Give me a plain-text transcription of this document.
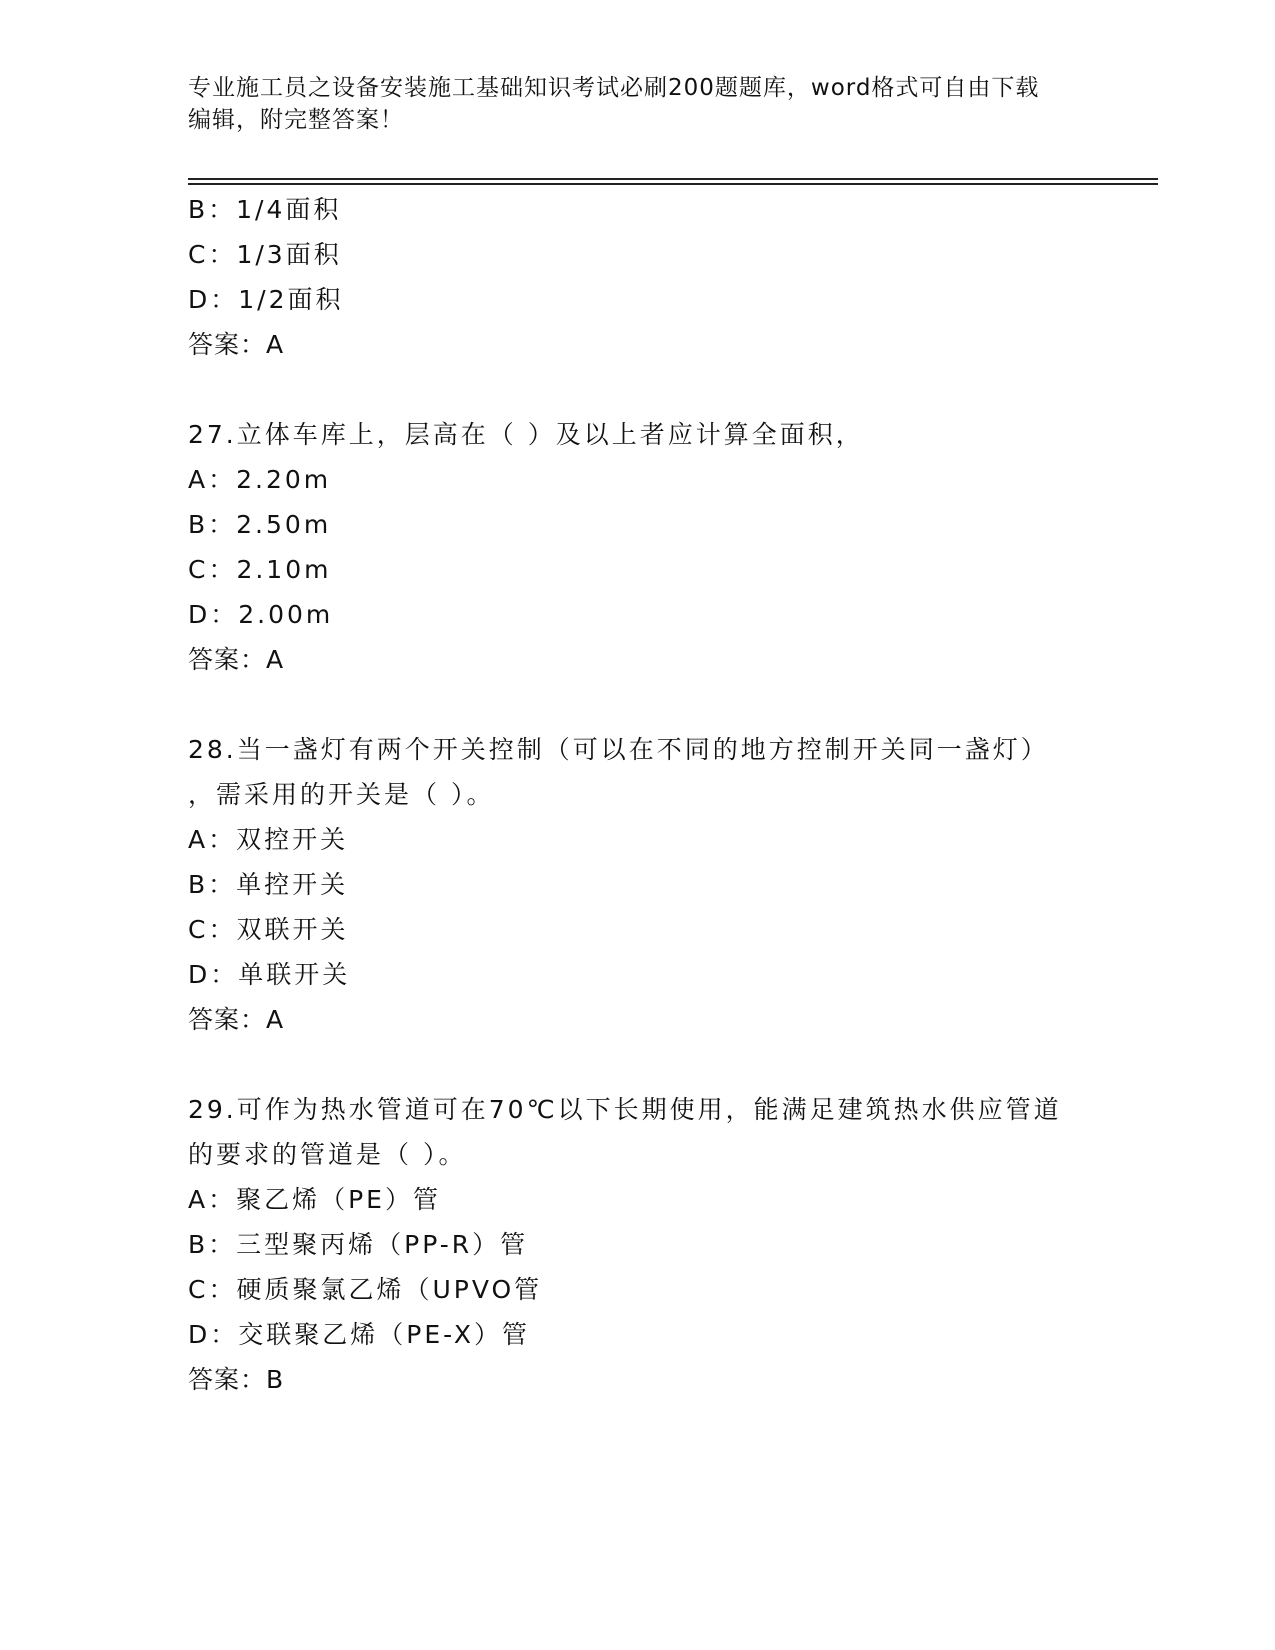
专业施工员之设备安装施工基础知识考试必刷200题题库，word格式可自由下载
编辑，附完整答案！
B：1/4面积
C：1/3面积
D：1/2面积
答案：A
27.立体车库上，层高在（ ）及以上者应计算全面积，
A：2.20m
B：2.50m
C：2.10m
D：2.00m
答案：A
28.当一盏灯有两个开关控制（可以在不同的地方控制开关同一盏灯）
，需采用的开关是（ ）。
A：双控开关
B：单控开关
C：双联开关
D：单联开关
答案：A
29.可作为热水管道可在70℃以下长期使用，能满足建筑热水供应管道
的要求的管道是（ ）。
A：聚乙烯（PE）管
B：三型聚丙烯（PP-R）管
C：硬质聚氯乙烯（UPVO管
D：交联聚乙烯（PE-X）管
答案：B
